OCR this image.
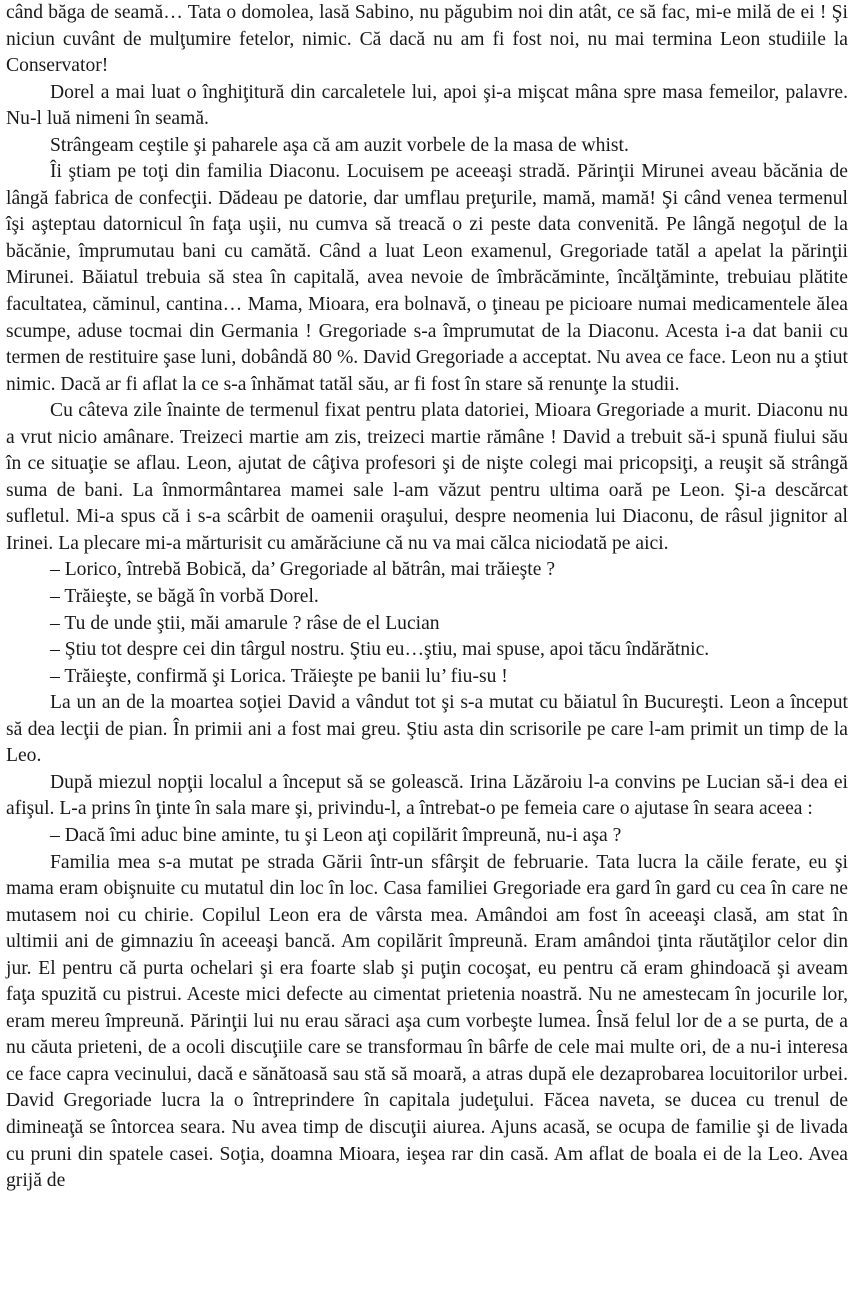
când băga de seamă… Tata o domolea, lasă Sabino, nu păgubim noi din atât, ce să fac, mi-e milă de ei ! Şi niciun cuvânt de mulţumire fetelor, nimic. Că dacă nu am fi fost noi, nu mai termina Leon studiile la Conservator!

Dorel a mai luat o înghiţitură din carcaletele lui, apoi şi-a mişcat mâna spre masa femeilor, palavre. Nu-l luă nimeni în seamă.

Strângeam ceştile şi paharele aşa că am auzit vorbele de la masa de whist.

Îi ştiam pe toţi din familia Diaconu. Locuisem pe aceeaşi stradă. Părinţii Mirunei aveau băcănia de lângă fabrica de confecţii. Dădeau pe datorie, dar umflau preţurile, mamă, mamă! Şi când venea termenul îşi aşteptau datornicul în faţa uşii, nu cumva să treacă o zi peste data convenită. Pe lângă negoţul de la băcănie, împrumutau bani cu camătă. Când a luat Leon examenul, Gregoriade tatăl a apelat la părinţii Mirunei. Băiatul trebuia să stea în capitală, avea nevoie de îmbrăcăminte, încălţăminte, trebuiau plătite facultatea, căminul, cantina… Mama, Mioara, era bolnavă, o ţineau pe picioare numai medicamentele ălea scumpe, aduse tocmai din Germania ! Gregoriade s-a împrumutat de la Diaconu. Acesta i-a dat banii cu termen de restituire şase luni, dobândă 80 %. David Gregoriade a acceptat. Nu avea ce face. Leon nu a ştiut nimic. Dacă ar fi aflat la ce s-a înhămat tatăl său, ar fi fost în stare să renunţe la studii.

Cu câteva zile înainte de termenul fixat pentru plata datoriei, Mioara Gregoriade a murit. Diaconu nu a vrut nicio amânare. Treizeci martie am zis, treizeci martie rămâne ! David a trebuit să-i spună fiului său în ce situaţie se aflau. Leon, ajutat de câţiva profesori şi de nişte colegi mai pricopsiţi, a reuşit să strângă suma de bani. La înmormântarea mamei sale l-am văzut pentru ultima oară pe Leon. Şi-a descărcat sufletul. Mi-a spus că i s-a scârbit de oamenii oraşului, despre neomenia lui Diaconu, de râsul jignitor al Irinei. La plecare mi-a mărturisit cu amărăciune că nu va mai călca niciodată pe aici.

– Lorico, întrebă Bobică, da’ Gregoriade al bătrân, mai trăieşte ?

– Trăieşte, se băgă în vorbă Dorel.

– Tu de unde ştii, măi amarule ? râse de el Lucian

– Ştiu tot despre cei din târgul nostru. Ştiu eu…ştiu, mai spuse, apoi tăcu îndărătnic.

– Trăieşte, confirmă şi Lorica. Trăieşte pe banii lu’ fiu-su !

La un an de la moartea soţiei David a vândut tot şi s-a mutat cu băiatul în Bucureşti. Leon a început să dea lecţii de pian. În primii ani a fost mai greu. Ştiu asta din scrisorile pe care l-am primit un timp de la Leo.

După miezul nopţii localul a început să se golească. Irina Lăzăroiu l-a convins pe Lucian să-i dea ei afişul. L-a prins în ţinte în sala mare şi, privindu-l, a întrebat-o pe femeia care o ajutase în seara aceea :

– Dacă îmi aduc bine aminte, tu şi Leon aţi copilărit împreună, nu-i aşa ?

Familia mea s-a mutat pe strada Gării într-un sfârşit de februarie. Tata lucra la căile ferate, eu şi mama eram obişnuite cu mutatul din loc în loc. Casa familiei Gregoriade era gard în gard cu cea în care ne mutasem noi cu chirie. Copilul Leon era de vârsta mea. Amândoi am fost în aceeaşi clasă, am stat în ultimii ani de gimnaziu în aceeaşi bancă. Am copilărit împreună. Eram amândoi ţinta răutăţilor celor din jur. El pentru că purta ochelari şi era foarte slab şi puţin cocoşat, eu pentru că eram ghindoacă şi aveam faţa spuzită cu pistrui. Aceste mici defecte au cimentat prietenia noastră. Nu ne amestecam în jocurile lor, eram mereu împreună. Părinţii lui nu erau săraci aşa cum vorbeşte lumea. Însă felul lor de a se purta, de a nu căuta prieteni, de a ocoli discuţiile care se transformau în bârfe de cele mai multe ori, de a nu-i interesa ce face capra vecinului, dacă e sănătoasă sau stă să moară, a atras după ele dezaprobarea locuitorilor urbei. David Gregoriade lucra la o întreprindere în capitala judeţului. Făcea naveta, se ducea cu trenul de dimineaţă se întorcea seara. Nu avea timp de discuţii aiurea. Ajuns acasă, se ocupa de familie şi de livada cu pruni din spatele casei. Soţia, doamna Mioara, ieşea rar din casă. Am aflat de boala ei de la Leo. Avea grijă de
